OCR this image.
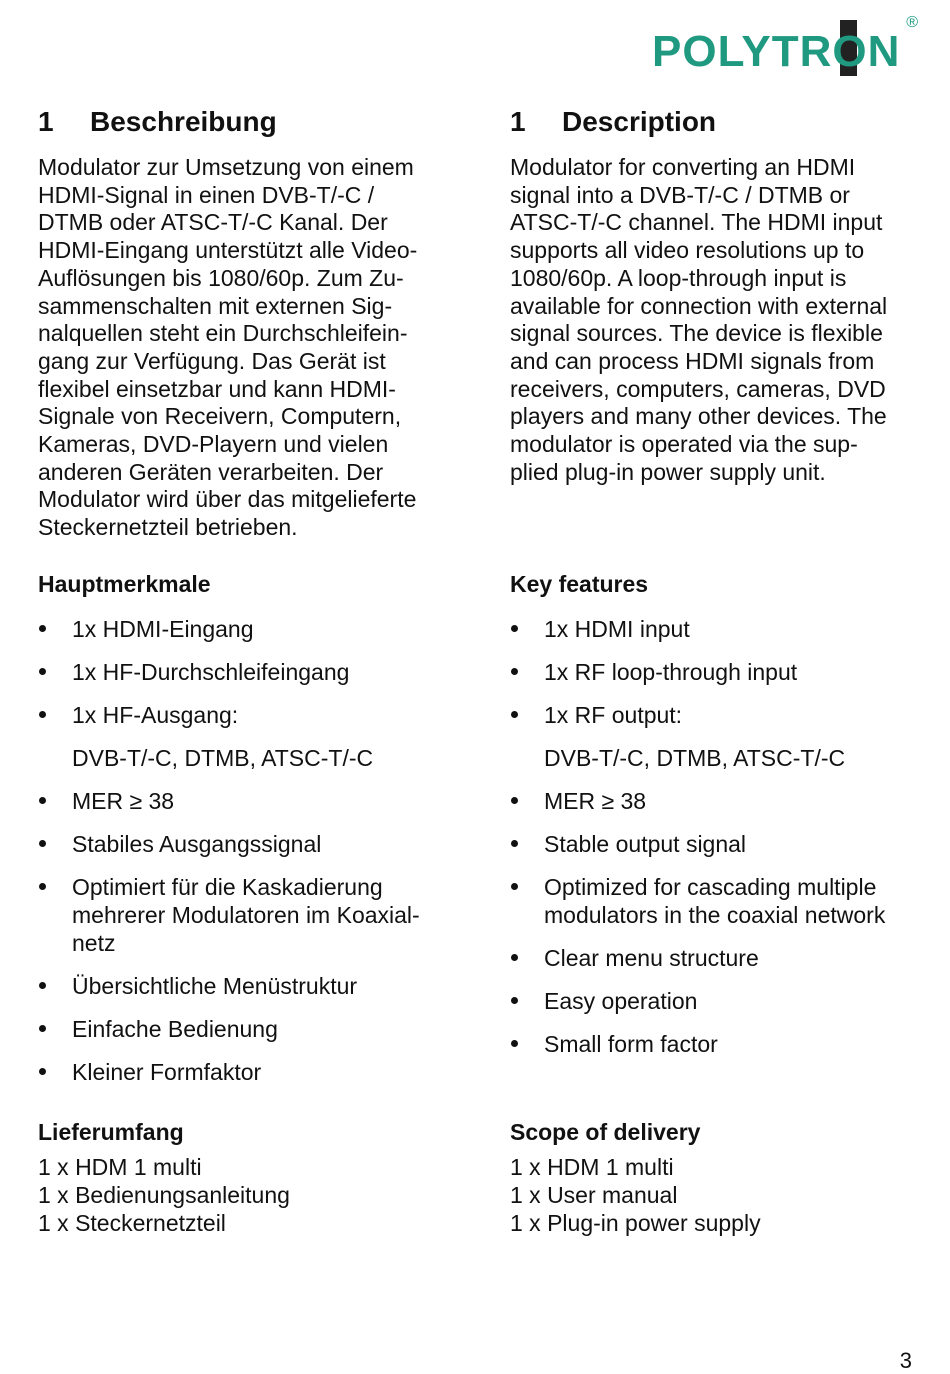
POLYTR
ON
®
1 Beschreibung
Modulator zur Umsetzung von einem
HDMI-Signal in einen DVB-T/-C /
DTMB oder ATSC-T/-C Kanal. Der
HDMI-Eingang unterstützt alle Video-
Auflösungen bis 1080/60p. Zum Zu-
sammenschalten mit externen Sig-
nalquellen steht ein Durchschleifein-
gang zur Verfügung. Das Gerät ist
flexibel einsetzbar und kann HDMI-
Signale von Receivern, Computern,
Kameras, DVD-Playern und vielen
anderen Geräten verarbeiten. Der
Modulator wird über das mitgelieferte
Steckernetzteil betrieben.
Hauptmerkmale
1x HDMI-Eingang
1x HF-Durchschleifeingang
1x HF-Ausgang:
DVB-T/-C, DTMB, ATSC-T/-C
MER ≥ 38
Stabiles Ausgangssignal
Optimiert für die Kaskadierung
mehrerer Modulatoren im Koaxial-
netz
Übersichtliche Menüstruktur
Einfache Bedienung
Kleiner Formfaktor
Lieferumfang
1 x HDM 1 multi
1 x Bedienungsanleitung
1 x Steckernetzteil
1 Description
Modulator for converting an HDMI
signal into a DVB-T/-C / DTMB or
ATSC-T/-C channel. The HDMI input
supports all video resolutions up to
1080/60p. A loop-through input is
available for connection with external
signal sources. The device is flexible
and can process HDMI signals from
receivers, computers, cameras, DVD
players and many other devices. The
modulator is operated via the sup-
plied plug-in power supply unit.
Key features
1x HDMI input
1x RF loop-through input
1x RF output:
DVB-T/-C, DTMB, ATSC-T/-C
MER ≥ 38
Stable output signal
Optimized for cascading multiple
modulators in the coaxial network
Clear menu structure
Easy operation
Small form factor
Scope of delivery
1 x HDM 1 multi
1 x User manual
1 x Plug-in power supply
3
